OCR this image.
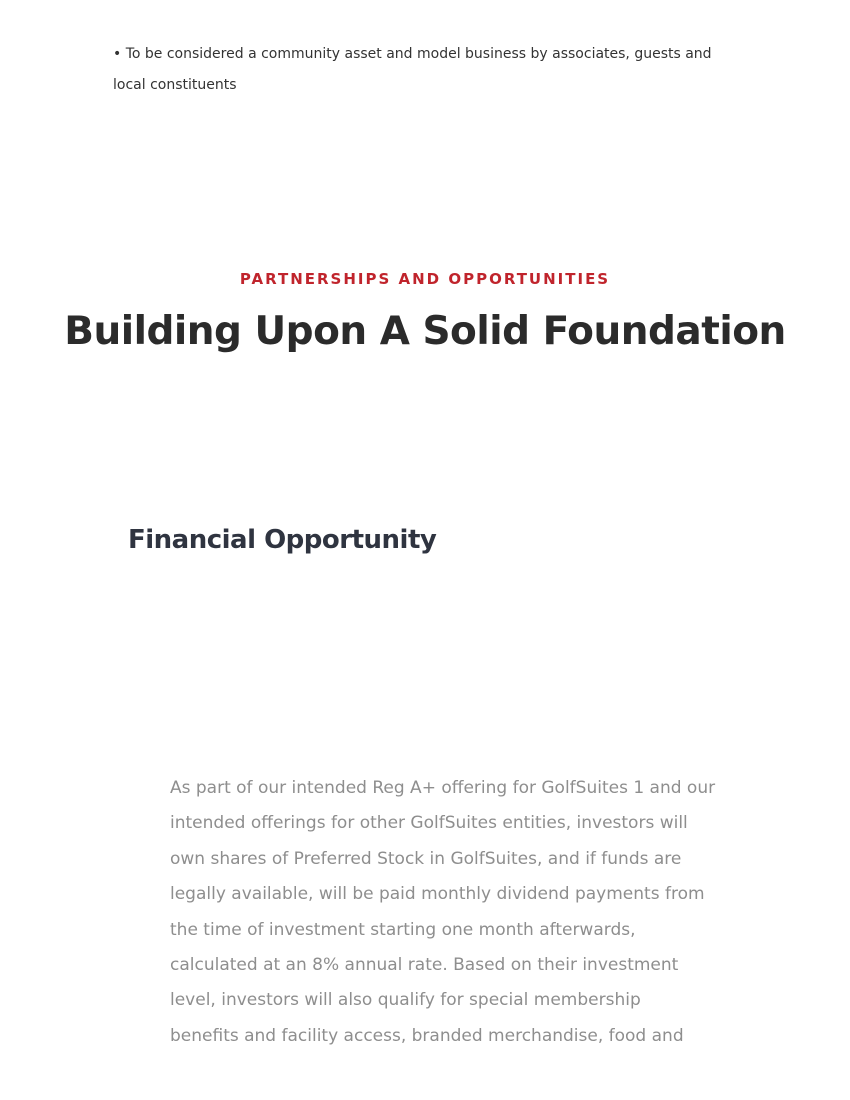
• To be considered a community asset and model business by associates, guests and local constituents

PARTNERSHIPS AND OPPORTUNITIES

Building Upon A Solid Foundation
Financial Opportunity

As part of our intended Reg A+ offering for GolfSuites 1 and our
intended offerings for other GolfSuites entities, investors will
own shares of Preferred Stock in GolfSuites, and if funds are
legally available, will be paid monthly dividend payments from
the time of investment starting one month afterwards,
calculated at an 8% annual rate. Based on their investment
level, investors will also qualify for special membership
benefits and facility access, branded merchandise, food and
